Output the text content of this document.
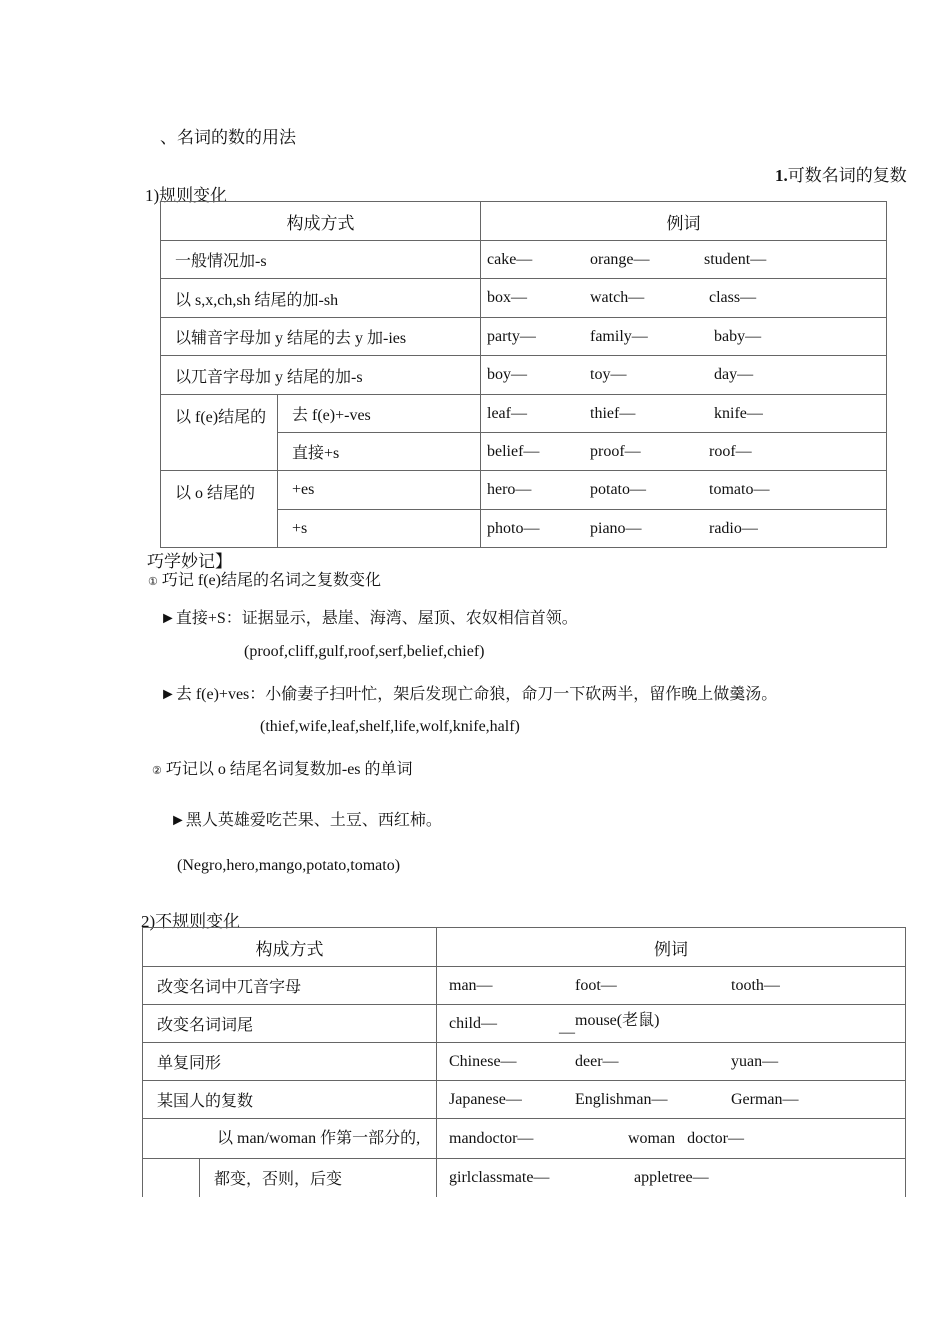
、名词的数的用法
1.可数名词的复数
1)规则变化
构成方式		例词
一般情况加-s		cake— orange— student—

以 s,x,ch,sh 结尾的加-sh		box— watch— class—

以辅音字母加 y 结尾的去 y 加-ies		party— family— baby—

以兀音字母加 y 结尾的加-s		boy— toy— day—

以 f(e)结尾的	去 f(e)+-ves	leaf— thief— knife—

	直接+s	belief— proof— roof—

以 o 结尾的	+es	hero— potato— tomato—

	+s	photo— piano— radio—
巧学妙记】
① 巧记 f(e)结尾的名词之复数变化
►直接+S：证据显示，悬崖、海湾、屋顶、农奴相信首领。
(proof,cliff,gulf,roof,serf,belief,chief)
►去 f(e)+ves：小偷妻子扫叶忙，架后发现亡命狼，命刀一下砍两半，留作晚上做羹汤。
(thief,wife,leaf,shelf,life,wolf,knife,half)
② 巧记以 o 结尾名词复数加-es 的单词
►黑人英雄爱吃芒果、土豆、西红柿。
(Negro,hero,mango,potato,tomato)
2)不规则变化
构成方式		例词
改变名词中兀音字母		man— foot— tooth—

改变名词词尾		child— mouse(老鼠)
—

单复同形		Chinese— deer— yuan—

某国人的复数		Japanese— Englishman— German—

以 man/woman 作第一部分的,		mandoctor— woman   doctor—

	都变，否则，后变	girlclassmate— appletree—
